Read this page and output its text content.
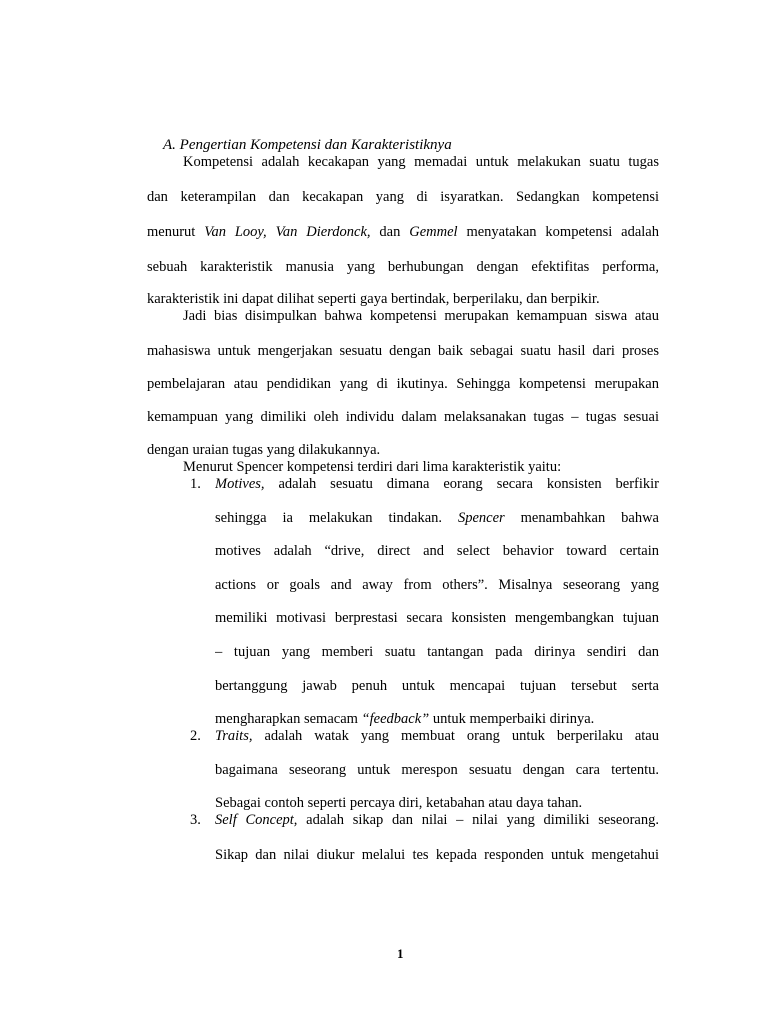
A. Pengertian Kompetensi dan Karakteristiknya
Kompetensi adalah kecakapan yang memadai untuk melakukan suatu tugas
dan keterampilan dan kecakapan yang di isyaratkan. Sedangkan kompetensi
menurut Van Looy, Van Dierdonck, dan Gemmel menyatakan kompetensi adalah
sebuah karakteristik manusia yang berhubungan dengan efektifitas performa,
karakteristik ini dapat dilihat seperti gaya bertindak, berperilaku, dan berpikir.
Jadi bias disimpulkan bahwa kompetensi merupakan kemampuan siswa atau
mahasiswa untuk mengerjakan sesuatu dengan baik sebagai suatu hasil dari proses
pembelajaran atau pendidikan yang di ikutinya. Sehingga kompetensi merupakan
kemampuan yang dimiliki oleh individu dalam melaksanakan tugas – tugas sesuai
dengan uraian tugas yang dilakukannya.
Menurut Spencer kompetensi terdiri dari lima karakteristik yaitu:
1. Motives, adalah sesuatu dimana eorang secara konsisten berfikir
sehingga ia melakukan tindakan. Spencer menambahkan bahwa
motives adalah “drive, direct and select behavior toward certain
actions or goals and away from others”. Misalnya seseorang yang
memiliki motivasi berprestasi secara konsisten mengembangkan tujuan
– tujuan yang memberi suatu tantangan pada dirinya sendiri dan
bertanggung jawab penuh untuk mencapai tujuan tersebut serta
mengharapkan semacam “feedback” untuk memperbaiki dirinya.
2. Traits, adalah watak yang membuat orang untuk berperilaku atau
bagaimana seseorang untuk merespon sesuatu dengan cara tertentu.
Sebagai contoh seperti percaya diri, ketabahan atau daya tahan.
3. Self Concept, adalah sikap dan nilai – nilai yang dimiliki seseorang.
Sikap dan nilai diukur melalui tes kepada responden untuk mengetahui
1
